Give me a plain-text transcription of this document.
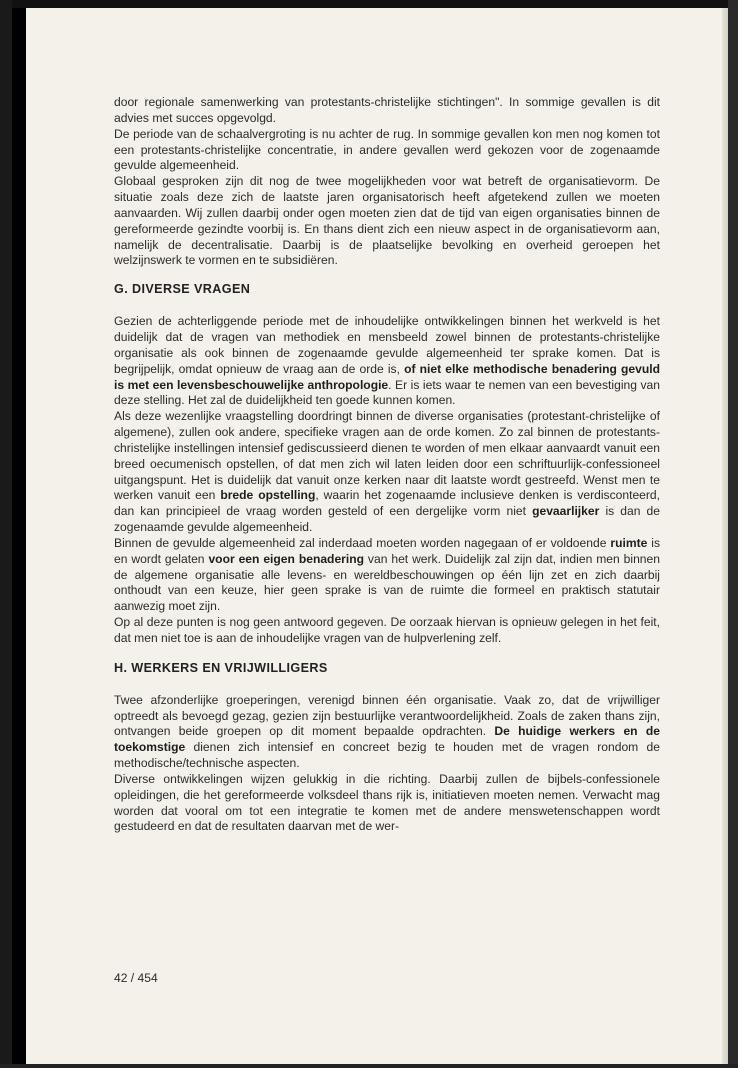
door regionale samenwerking van protestants-christelijke stichtingen". In sommige gevallen is dit advies met succes opgevolgd.

De periode van de schaalvergroting is nu achter de rug. In sommige gevallen kon men nog komen tot een protestants-christelijke concentratie, in andere gevallen werd gekozen voor de zogenaamde gevulde algemeenheid.

Globaal gesproken zijn dit nog de twee mogelijkheden voor wat betreft de organisatievorm. De situatie zoals deze zich de laatste jaren organisatorisch heeft afgetekend zullen we moeten aanvaarden. Wij zullen daarbij onder ogen moeten zien dat de tijd van eigen organisaties binnen de gereformeerde gezindte voorbij is. En thans dient zich een nieuw aspect in de organisatievorm aan, namelijk de decentralisatie. Daarbij is de plaatselijke bevolking en overheid geroepen het welzijnswerk te vormen en te subsidiëren.

G. DIVERSE VRAGEN

Gezien de achterliggende periode met de inhoudelijke ontwikkelingen binnen het werkveld is het duidelijk dat de vragen van methodiek en mensbeeld zowel binnen de protestants-christelijke organisatie als ook binnen de zogenaamde gevulde algemeenheid ter sprake komen. Dat is begrijpelijk, omdat opnieuw de vraag aan de orde is, of niet elke methodische benadering gevuld is met een levensbeschouwelijke anthropologie. Er is iets waar te nemen van een bevestiging van deze stelling. Het zal de duidelijkheid ten goede kunnen komen.

Als deze wezenlijke vraagstelling doordringt binnen de diverse organisaties (protestant-christelijke of algemene), zullen ook andere, specifieke vragen aan de orde komen. Zo zal binnen de protestants-christelijke instellingen intensief gediscussieerd dienen te worden of men elkaar aanvaardt vanuit een breed oecumenisch opstellen, of dat men zich wil laten leiden door een schriftuurlijk-confessioneel uitgangspunt. Het is duidelijk dat vanuit onze kerken naar dit laatste wordt gestreefd. Wenst men te werken vanuit een brede opstelling, waarin het zogenaamde inclusieve denken is verdisconteerd, dan kan principieel de vraag worden gesteld of een dergelijke vorm niet gevaarlijker is dan de zogenaamde gevulde algemeenheid.

Binnen de gevulde algemeenheid zal inderdaad moeten worden nagegaan of er voldoende ruimte is en wordt gelaten voor een eigen benadering van het werk. Duidelijk zal zijn dat, indien men binnen de algemene organisatie alle levens- en wereldbeschouwingen op één lijn zet en zich daarbij onthoudt van een keuze, hier geen sprake is van de ruimte die formeel en praktisch statutair aanwezig moet zijn.

Op al deze punten is nog geen antwoord gegeven. De oorzaak hiervan is opnieuw gelegen in het feit, dat men niet toe is aan de inhoudelijke vragen van de hulpverlening zelf.

H. WERKERS EN VRIJWILLIGERS

Twee afzonderlijke groeperingen, verenigd binnen één organisatie. Vaak zo, dat de vrijwilliger optreedt als bevoegd gezag, gezien zijn bestuurlijke verantwoordelijkheid. Zoals de zaken thans zijn, ontvangen beide groepen op dit moment bepaalde opdrachten. De huidige werkers en de toekomstige dienen zich intensief en concreet bezig te houden met de vragen rondom de methodische/technische aspecten.

Diverse ontwikkelingen wijzen gelukkig in die richting. Daarbij zullen de bijbels-confessionele opleidingen, die het gereformeerde volksdeel thans rijk is, initiatieven moeten nemen. Verwacht mag worden dat vooral om tot een integratie te komen met de andere menswetenschappen wordt gestudeerd en dat de resultaten daarvan met de wer-

42 / 454
